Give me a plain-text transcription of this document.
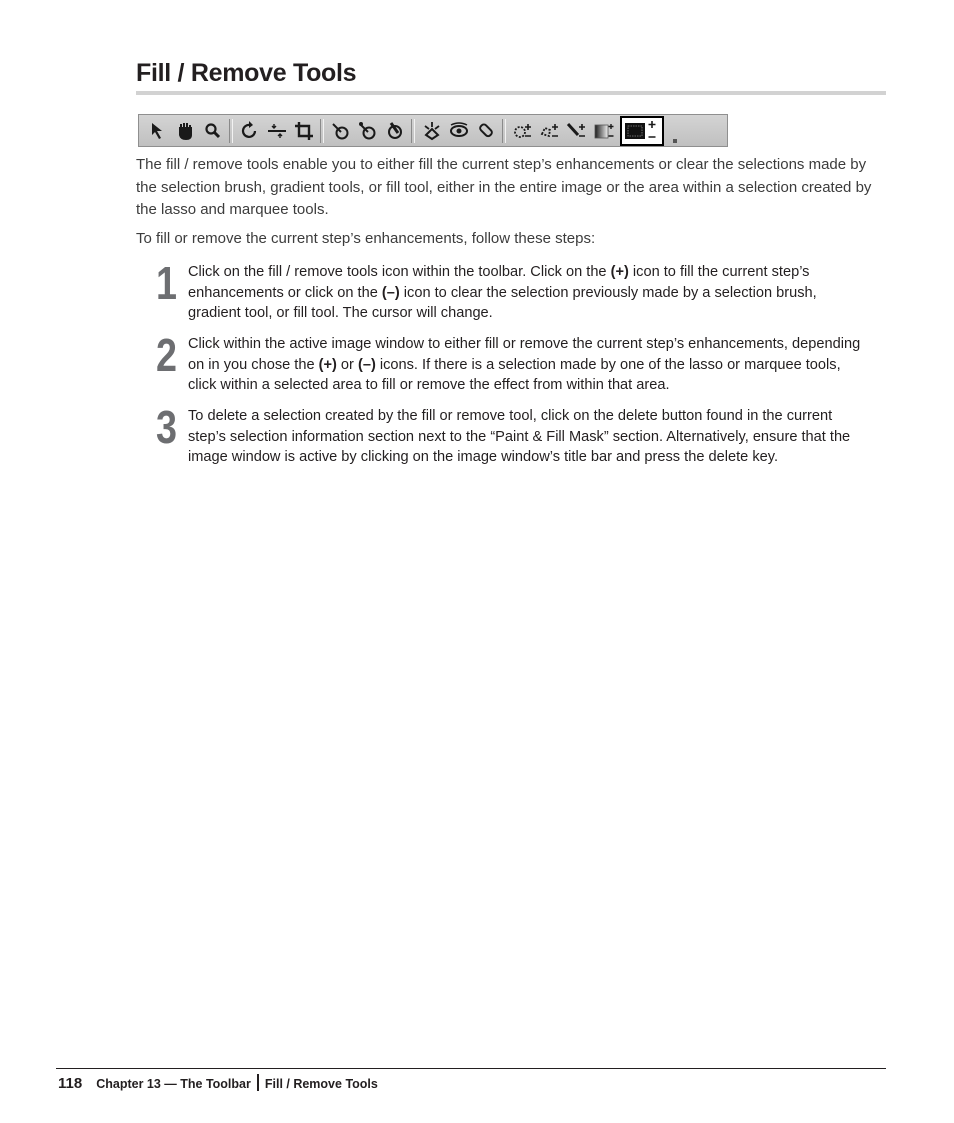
Fill / Remove Tools

The fill / remove tools enable you to either fill the current step’s enhancements or clear the selections made by the selection brush, gradient tools, or fill tool, either in the entire image or the area within a selection created by the lasso and marquee tools.

To fill or remove the current step’s enhancements, follow these steps:

1 Click on the fill / remove tools icon within the toolbar. Click on the (+) icon to fill the current step’s enhancements or click on the (–) icon to clear the selection previously made by a selection brush, gradient tool, or fill tool. The cursor will change.

2 Click within the active image window to either fill or remove the current step’s enhancements, depending on in you chose the (+) or (–) icons. If there is a selection made by one of the lasso or marquee tools, click within a selected area to fill or remove the effect from within that area.

3 To delete a selection created by the fill or remove tool, click on the delete button found in the current step’s selection information section next to the “Paint & Fill Mask” section. Alternatively, ensure that the image window is active by clicking on the image window’s title bar and press the delete key.

118 Chapter 13 — The Toolbar Fill / Remove Tools
